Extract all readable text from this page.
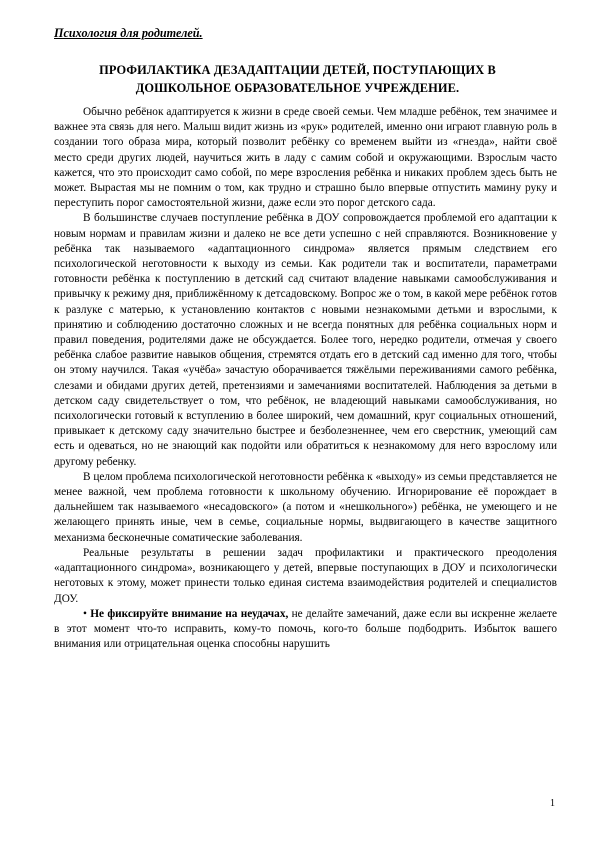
Психология для родителей.
ПРОФИЛАКТИКА ДЕЗАДАПТАЦИИ ДЕТЕЙ, ПОСТУПАЮЩИХ В
ДОШКОЛЬНОЕ ОБРАЗОВАТЕЛЬНОЕ УЧРЕЖДЕНИЕ.

Обычно ребёнок адаптируется к жизни в среде своей семьи. Чем младше ребёнок, тем значимее и важнее эта связь для него. Малыш видит жизнь из «рук» родителей, именно они играют главную роль в создании того образа мира, который позволит ребёнку со временем выйти из «гнезда», найти своё место среди других людей, научиться жить в ладу с самим собой и окружающими. Взрослым часто кажется, что это происходит само собой, по мере взросления ребёнка и никаких проблем здесь быть не может. Вырастая мы не помним о том, как трудно и страшно было впервые отпустить мамину руку и переступить порог самостоятельной жизни, даже если это порог детского сада.

В большинстве случаев поступление ребёнка в ДОУ сопровождается проблемой его адаптации к новым нормам и правилам жизни и далеко не все дети успешно с ней справляются. Возникновение у ребёнка так называемого «адаптационного синдрома» является прямым следствием его психологической неготовности к выходу из семьи. Как родители так и воспитатели, параметрами готовности ребёнка к поступлению в детский сад считают владение навыками самообслуживания и привычку к режиму дня, приближённому к детсадовскому. Вопрос же о том, в какой мере ребёнок готов к разлуке с матерью, к установлению контактов с новыми незнакомыми детьми и взрослыми, к принятию и соблюдению достаточно сложных и не всегда понятных для ребёнка социальных норм и правил поведения, родителями даже не обсуждается. Более того, нередко родители, отмечая у своего ребёнка слабое развитие навыков общения, стремятся отдать его в детский сад именно для того, чтобы он этому научился. Такая «учёба» зачастую оборачивается тяжёлыми переживаниями самого ребёнка, слезами и обидами других детей, претензиями и замечаниями воспитателей. Наблюдения за детьми в детском саду свидетельствует о том, что ребёнок, не владеющий навыками самообслуживания, но психологически готовый к вступлению в более широкий, чем домашний, круг социальных отношений, привыкает к детскому саду значительно быстрее и безболезненнее, чем его сверстник, умеющий сам есть и одеваться, но не знающий как подойти или обратиться к незнакомому для него взрослому или другому ребенку.

В целом проблема психологической неготовности ребёнка к «выходу» из семьи представляется не менее важной, чем проблема готовности к школьному обучению. Игнорирование её порождает в дальнейшем так называемого «несадовского» (а потом и «нешкольного») ребёнка, не умеющего и не желающего принять иные, чем в семье, социальные нормы, выдвигающего в качестве защитного механизма бесконечные соматические заболевания.

Реальные результаты в решении задач профилактики и практического преодоления «адаптационного синдрома», возникающего у детей, впервые поступающих в ДОУ и психологически неготовых к этому, может принести только единая система взаимодействия родителей и специалистов ДОУ.

• Не фиксируйте внимание на неудачах, не делайте замечаний, даже если вы искренне желаете в этот момент что-то исправить, кому-то помочь, кого-то больше подбодрить. Избыток вашего внимания или отрицательная оценка способны нарушить

1
